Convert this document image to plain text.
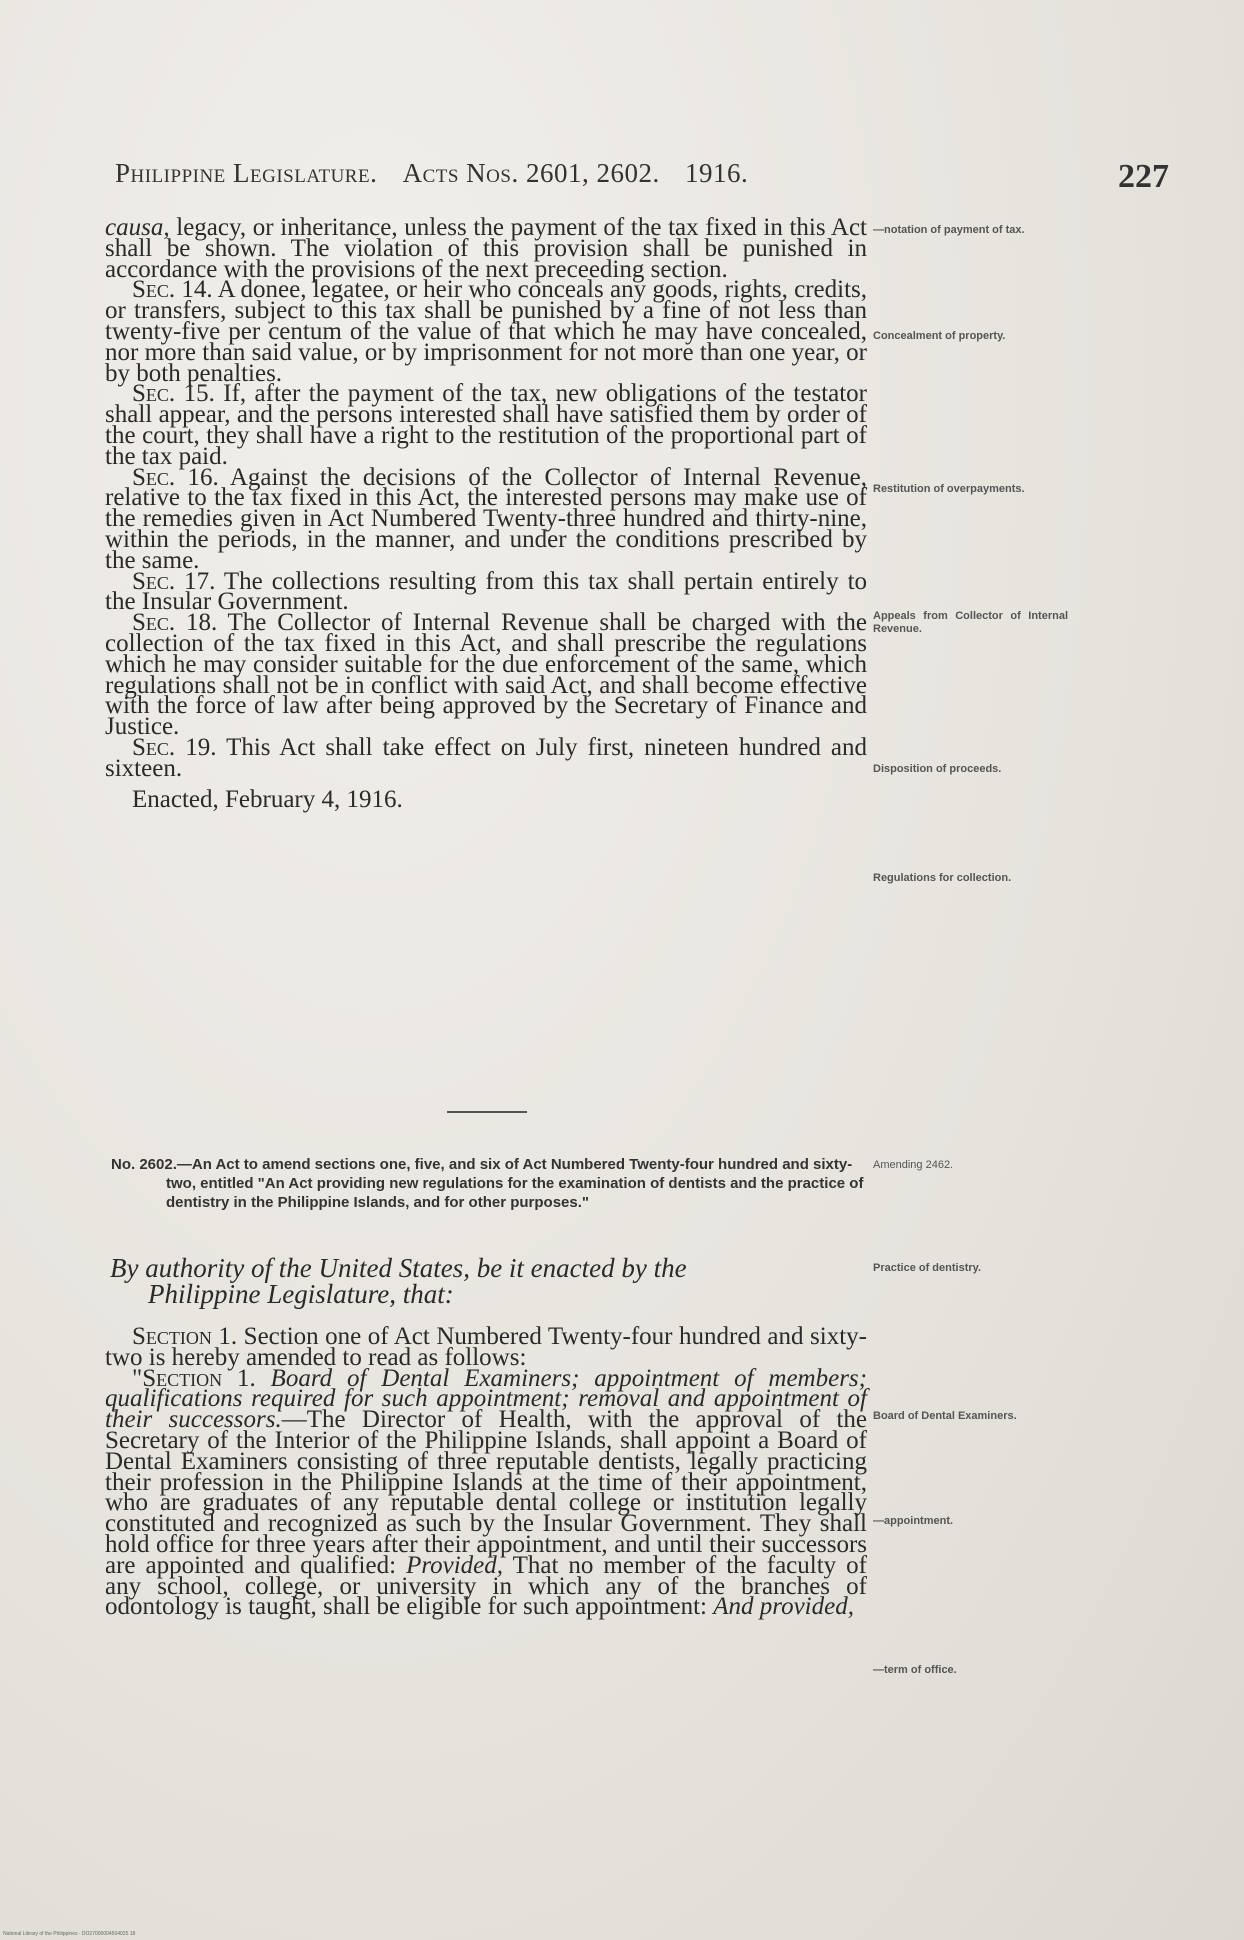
Philippine Legislature. Acts Nos. 2601, 2602. 1916.	227

causa, legacy, or inheritance, unless the payment of the tax fixed in this Act shall be shown. The violation of this provision shall be punished in accordance with the provisions of the next preceeding section.

Sec. 14. A donee, legatee, or heir who conceals any goods, rights, credits, or transfers, subject to this tax shall be punished by a fine of not less than twenty-five per centum of the value of that which he may have concealed, nor more than said value, or by imprisonment for not more than one year, or by both penalties.

Sec. 15. If, after the payment of the tax, new obligations of the testator shall appear, and the persons interested shall have satisfied them by order of the court, they shall have a right to the restitution of the proportional part of the tax paid.

Sec. 16. Against the decisions of the Collector of Internal Revenue, relative to the tax fixed in this Act, the interested persons may make use of the remedies given in Act Numbered Twenty-three hundred and thirty-nine, within the periods, in the manner, and under the conditions prescribed by the same.

Sec. 17. The collections resulting from this tax shall pertain entirely to the Insular Government.

Sec. 18. The Collector of Internal Revenue shall be charged with the collection of the tax fixed in this Act, and shall prescribe the regulations which he may consider suitable for the due enforcement of the same, which regulations shall not be in conflict with said Act, and shall become effective with the force of law after being approved by the Secretary of Finance and Justice.

Sec. 19. This Act shall take effect on July first, nineteen hundred and sixteen.

Enacted, February 4, 1916.

No. 2602.—An Act to amend sections one, five, and six of Act Numbered Twenty-four hundred and sixty-two, entitled "An Act providing new regulations for the examination of dentists and the practice of dentistry in the Philippine Islands, and for other purposes."
By authority of the United States, be it enacted by the
Philippine Legislature, that:

Section 1. Section one of Act Numbered Twenty-four hundred and sixty-two is hereby amended to read as follows:

"Section 1. Board of Dental Examiners; appointment of members; qualifications required for such appointment; removal and appointment of their successors.—The Director of Health, with the approval of the Secretary of the Interior of the Philippine Islands, shall appoint a Board of Dental Examiners consisting of three reputable dentists, legally practicing their profession in the Philippine Islands at the time of their appointment, who are graduates of any reputable dental college or institution legally constituted and recognized as such by the Insular Government. They shall hold office for three years after their appointment, and until their successors are appointed and qualified: Provided, That no member of the faculty of any school, college, or university in which any of the branches of odontology is taught, shall be eligible for such appointment: And provided,

—notation of payment of tax.
Concealment of property.
Restitution of overpayments.
Appeals from Collector of Internal Revenue.
Disposition of proceeds.
Regulations for collection.
Amending 2462.
Practice of dentistry.
Board of Dental Examiners.
—appointment.
—term of office.
National Library of the Philippines · DO27000004504025 18
